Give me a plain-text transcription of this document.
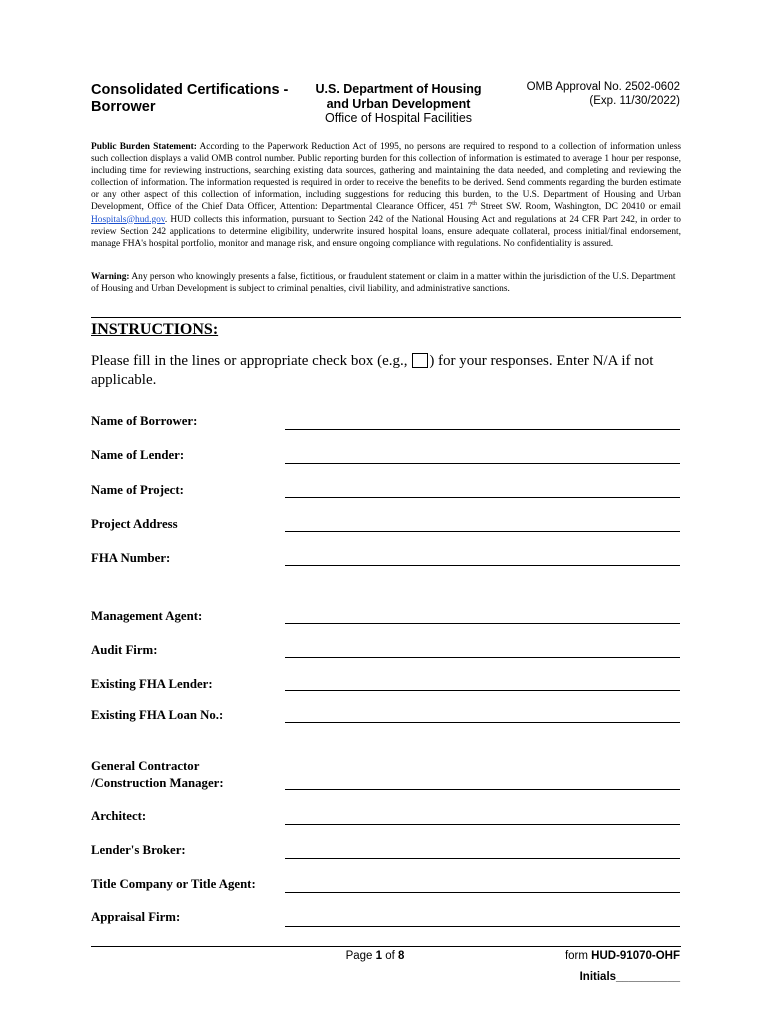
Consolidated Certifications - Borrower
U.S. Department of Housing
and Urban Development
Office of Hospital Facilities
OMB Approval No. 2502-0602
(Exp. 11/30/2022)
Public Burden Statement: According to the Paperwork Reduction Act of 1995, no persons are required to respond to a collection of information unless such collection displays a valid OMB control number. Public reporting burden for this collection of information is estimated to average 1 hour per response, including time for reviewing instructions, searching existing data sources, gathering and maintaining the data needed, and completing and reviewing the collection of information. The information requested is required in order to receive the benefits to be derived. Send comments regarding the burden estimate or any other aspect of this collection of information, including suggestions for reducing this burden, to the U.S. Department of Housing and Urban Development, Office of the Chief Data Officer, Attention: Departmental Clearance Officer, 451 7th Street SW. Room, Washington, DC 20410 or email Hospitals@hud.gov. HUD collects this information, pursuant to Section 242 of the National Housing Act and regulations at 24 CFR Part 242, in order to review Section 242 applications to determine eligibility, underwrite insured hospital loans, ensure adequate collateral, process initial/final endorsement, manage FHA's hospital portfolio, monitor and manage risk, and ensure ongoing compliance with regulations. No confidentiality is assured.
Warning: Any person who knowingly presents a false, fictitious, or fraudulent statement or claim in a matter within the jurisdiction of the U.S. Department of Housing and Urban Development is subject to criminal penalties, civil liability, and administrative sanctions.
INSTRUCTIONS:
Please fill in the lines or appropriate check box (e.g., ) for your responses. Enter N/A if not applicable.
Name of Borrower:
Name of Lender:
Name of Project:
Project Address
FHA Number:
Management Agent:
Audit Firm:
Existing FHA Lender:
Existing FHA Loan No.:
General Contractor
/Construction Manager:
Architect:
Lender's Broker:
Title Company or Title Agent:
Appraisal Firm:
Page 1 of 8	form HUD-91070-OHF
Initials__________
